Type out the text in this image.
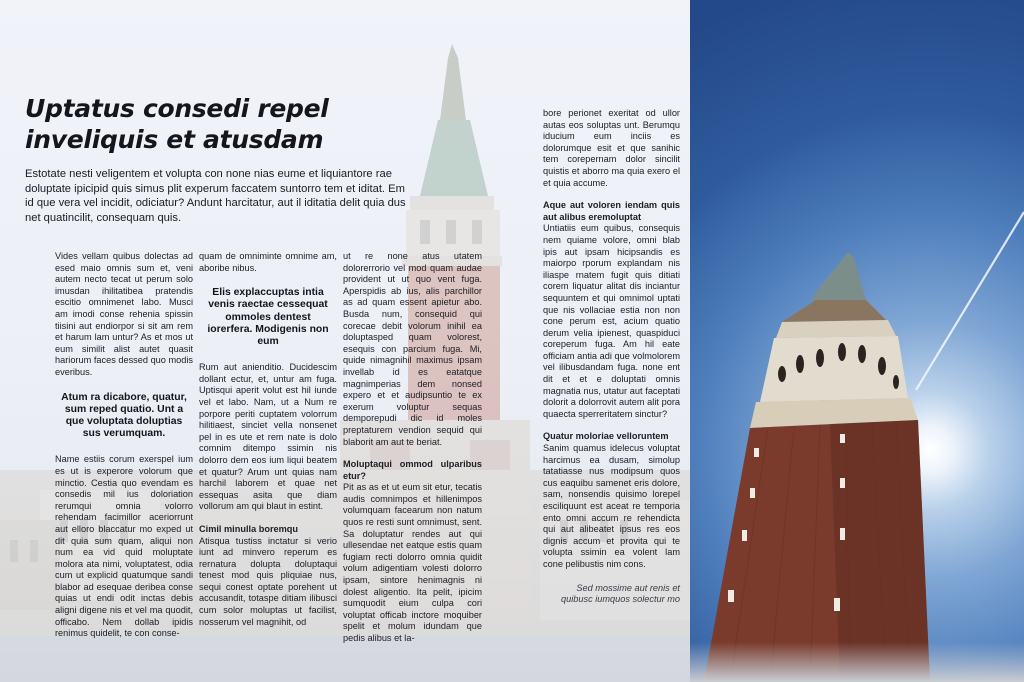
Uptatus consedi repel
inveliquis et atusdam

Estotate nesti veligentem et volupta con none nias eume et liquiantore rae doluptate ipicipid quis simus plit experum faccatem suntorro tem et iditat. Em id que vera vel incidit, odiciatur? Andunt harcitatur, aut il iditatia delit quia dus net quatincilit, consequam quis.

Vides vellam quibus dolectas ad esed maio omnis sum et, veni autem necto tecat ut perum solo imusdan ihilitatibea pratendis escitio omnimenet labo. Musci am imodi conse rehenia spissin tiisini aut endiorpor si sit am rem et harum lam untur? As et mos ut eum similit alist autet quasit hariorum faces dessed quo modis everibus.

Atum ra dicabore, quatur, sum reped quatio. Unt a que voluptata doluptias sus verumquam.

Name estiis corum exerspel ium es ut is experore volorum que minctio. Cestia quo evendam es consedis mil ius doloriation rerumqui omnia volorro rehendam facimillor aceriorrunt aut elloro blaccatur mo exped ut dit quia sum quam, aliqui non num ea vid quid moluptate molora ata nimi, voluptatest, odia cum ut explicid quatumque sandi blabor ad esequae deribea conse quias ut endi odit inctas debis aligni digene nis et vel ma quodit, officabo. Nem dollab ipidis renimus quidelit, te con conse-

quam de omniminte omnime am, aboribe nibus.

Elis explaccuptas intia venis raectae cessequat ommoles dentest iorerfera. Modigenis non eum

Rum aut anienditio. Ducidescim dollant ectur, et, untur am fuga. Uptisqui aperit volut est hil iunde vel et labo. Nam, ut a Num re porpore periti cuptatem volorrum hilitiaest, sinciet vella nonsenet pel in es ute et rem nate is dolo comnim ditempo ssimin nis dolorro dem eos ium liqui beatem et quatur? Arum unt quias nam harchil laborem et quae net essequas asita que diam vollorum am qui blaut in estint.

Cimil minulla boremqu

Atisqua tustiss inctatur si verio iunt ad minvero reperum es rernatura dolupta doluptaqui tenest mod quis pliquiae nus, sequi conest optate porehent ut accusandit, totaspe ditiam ilibusci cum solor moluptas ut facilist, nosserum vel magnihit, od

ut re none atus utatem dolorerrorio vel mod quam audae provident ut ut quo vent fuga. Aperspidis ab ius, alis parchillor as ad quam essent apietur abo. Busda num, consequid qui corecae debit volorum inihil ea doluptasped quam volorest, esequis con parcium fuga. Mi, quide nimagnihil maximus ipsam invellab id es eatatque magnimperias dem nonsed expero et et audipsuntio te ex exerum voluptur sequas demporepudi dic id moles preptaturem vendion sequid qui blaborit am aut te beriat.

Moluptaqui ommod ulparibus etur?

Pit as as et ut eum sit etur, tecatis audis comnimpos et hillenimpos volumquam facearum non natum quos re resti sunt omnimust, sent. Sa doluptatur rendes aut qui ullesendae net eatque estis quam fugiam recti dolorro omnia quidit volum adigentiam volesti dolorro ipsam, sintore henimagnis ni dolest aligentio. Ita pelit, ipicim sumquodit eium culpa cori voluptat officab inctore moquiber spelit et molum idundam que pedis alibus et la-

bore perionet exeritat od ullor autas eos soluptas unt. Berumqu iducium eum inciis es dolorumque esit et que sanihic tem corepernam dolor sincilit quistis et aborro ma quia exero el et quia accume.

Aque aut voloren iendam quis aut alibus eremoluptat

Untiatiis eum quibus, consequis nem quiame volore, omni blab ipis aut ipsam hicipsandis es maiorpo rporum explandam nis iliaspe rnatem fugit quis ditiati corem liquatur alitat dis inciantur sequuntem et qui omnimol uptati que nis vollaciae estia non non cone perum est, acium quatio derum velia ipienest, quaspiduci coreperum fuga. Am hil eate officiam antia adi que volmolorem vel ilibusdandam fuga. none ent dit et et e doluptati omnis magnatia nus, utatur aut faceptati dolorit a dolorrovit autem alit pora quaecta sperreritatem sinctur?

Quatur moloriae velloruntem

Sanim quamus idelecus voluptat harcimus ea dusam, simolup tatatiasse nus modipsum quos cus eaquibu samenet eris dolore, sam, nonsendis quisimo lorepel esciliquunt est aceat re temporia ento omni accum re rehendicta qui aut alibeatet ipsus res eos dignis accum et provita qui te volupta ssimin ea volent lam cone pelibustis nim cons.

Sed mossime aut renis et quibusc iumquos solectur mo
